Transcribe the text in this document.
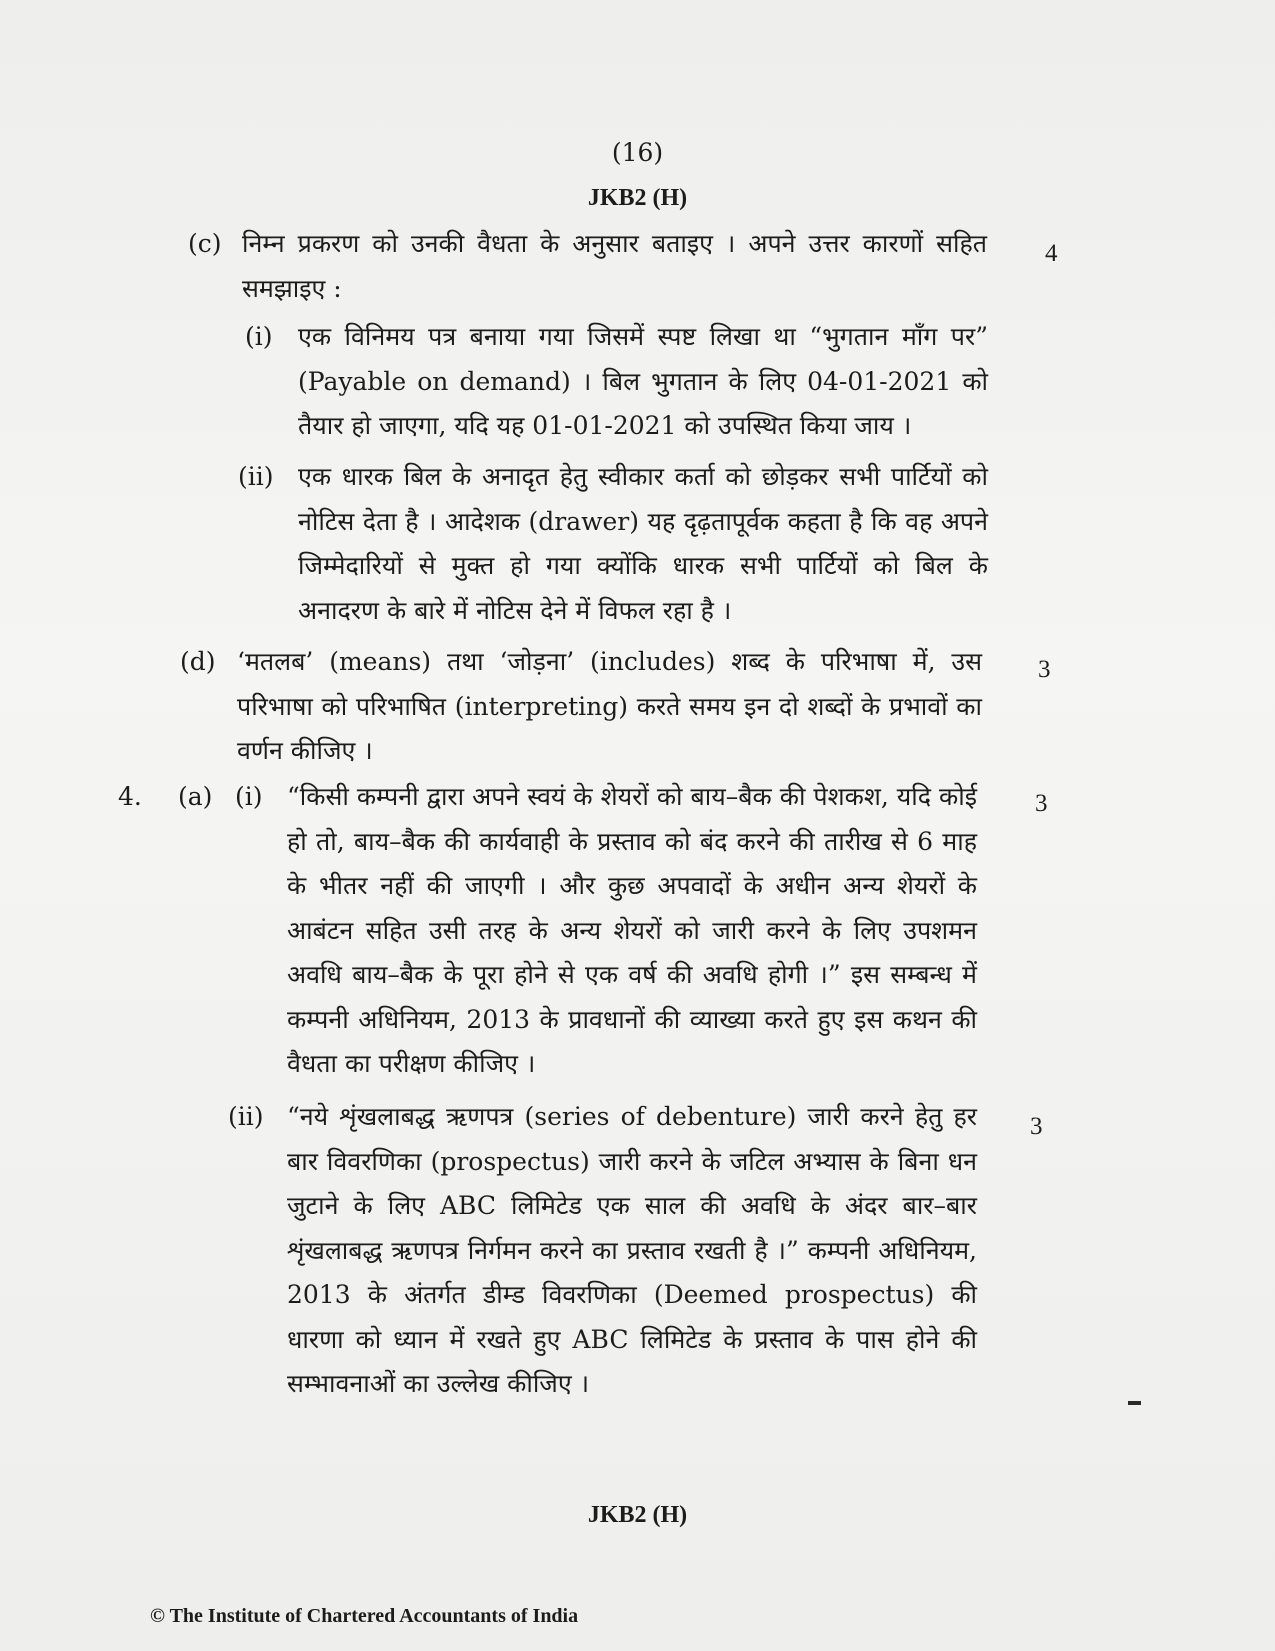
(16)
JKB2 (H)
(c) निम्न प्रकरण को उनकी वैधता के अनुसार बताइए । अपने उत्तर कारणों सहित समझाइए :
4
(i) एक विनिमय पत्र बनाया गया जिसमें स्पष्ट लिखा था “भुगतान माँग पर” (Payable on demand) । बिल भुगतान के लिए 04-01-2021 को तैयार हो जाएगा, यदि यह 01-01-2021 को उपस्थित किया जाय ।
(ii) एक धारक बिल के अनादृत हेतु स्वीकार कर्ता को छोड़कर सभी पार्टियों को नोटिस देता है । आदेशक (drawer) यह दृढ़तापूर्वक कहता है कि वह अपने जिम्मेदारियों से मुक्त हो गया क्योंकि धारक सभी पार्टियों को बिल के अनादरण के बारे में नोटिस देने में विफल रहा है ।
(d) ‘मतलब’ (means) तथा ‘जोड़ना’ (includes) शब्द के परिभाषा में, उस परिभाषा को परिभाषित (interpreting) करते समय इन दो शब्दों के प्रभावों का वर्णन कीजिए ।
3
4. (a) (i) “किसी कम्पनी द्वारा अपने स्वयं के शेयरों को बाय–बैक की पेशकश, यदि कोई हो तो, बाय–बैक की कार्यवाही के प्रस्ताव को बंद करने की तारीख से 6 माह के भीतर नहीं की जाएगी । और कुछ अपवादों के अधीन अन्य शेयरों के आबंटन सहित उसी तरह के अन्य शेयरों को जारी करने के लिए उपशमन अवधि बाय–बैक के पूरा होने से एक वर्ष की अवधि होगी ।” इस सम्बन्ध में कम्पनी अधिनियम, 2013 के प्रावधानों की व्याख्या करते हुए इस कथन की वैधता का परीक्षण कीजिए ।
3
(ii) “नये शृंखलाबद्ध ऋणपत्र (series of debenture) जारी करने हेतु हर बार विवरणिका (prospectus) जारी करने के जटिल अभ्यास के बिना धन जुटाने के लिए ABC लिमिटेड एक साल की अवधि के अंदर बार–बार शृंखलाबद्ध ऋणपत्र निर्गमन करने का प्रस्ताव रखती है ।” कम्पनी अधिनियम, 2013 के अंतर्गत डीम्ड विवरणिका (Deemed prospectus) की धारणा को ध्यान में रखते हुए ABC लिमिटेड के प्रस्ताव के पास होने की सम्भावनाओं का उल्लेख कीजिए ।
3
JKB2 (H)
© The Institute of Chartered Accountants of India
